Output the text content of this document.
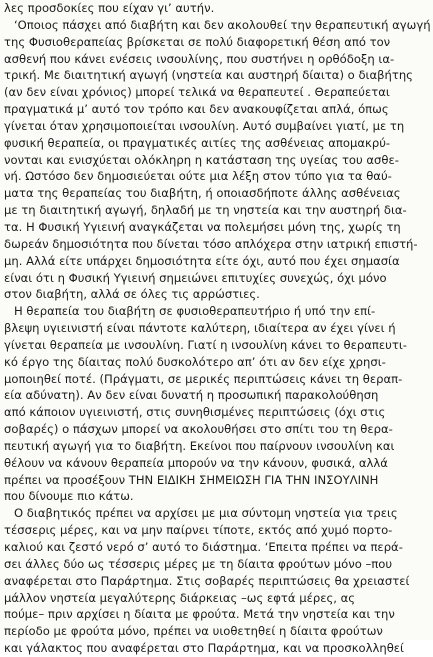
λες προσδοκίες που είχαν γι’ αυτήν.
‘Οποιος πάσχει από διαβήτη και δεν ακολουθεί την θεραπευτική αγωγή
της Φυσιοθεραπείας βρίσκεται σε πολύ διαφορετική θέση από τον
ασθενή που κάνει ενέσεις ινσουλίνης, που συστήνει η ορθόδοξη ια-
τρική. Με διαιτητική αγωγή (νηστεία και αυστηρή δίαιτα) ο διαβήτης
(αν δεν είναι χρόνιος) μπορεί τελικά να θεραπευτεί . Θεραπεύεται
πραγματικά μ’ αυτό τον τρόπο και δεν ανακουφίζεται απλά, όπως
γίνεται όταν χρησιμοποιείται ινσουλίνη. Αυτό συμβαίνει γιατί, με τη
φυσική θεραπεία, οι πραγματικές αιτίες της ασθένειας απομακρύ-
νονται και ενισχύεται ολόκληρη η κατάσταση της υγείας του ασθε-
νή. Ωστόσο δεν δημοσιεύεται ούτε μια λέξη στον τύπο για τα θαύ-
ματα της θεραπείας του διαβήτη, ή οποιασδήποτε άλλης ασθένειας
με τη διαιτητική αγωγή, δηλαδή με τη νηστεία και την αυστηρή δια-
τα. Η Φυσική Υγιεινή αναγκάζεται να πολεμήσει μόνη της, χωρίς τη
δωρεάν δημοσιότητα που δίνεται τόσο απλόχερα στην ιατρική επιστή-
μη. Αλλά είτε υπάρχει δημοσιότητα είτε όχι, αυτό που έχει σημασία
είναι ότι η Φυσική Υγιεινή σημειώνει επιτυχίες συνεχώς, όχι μόνο
στον διαβήτη, αλλά σε όλες τις αρρώστιες.
Η θεραπεία του διαβήτη σε φυσιοθεραπευτήριο ή υπό την επί-
βλεψη υγιεινιστή είναι πάντοτε καλύτερη, ιδιαίτερα αν έχει γίνει ή
γίνεται θεραπεία με ινσουλίνη. Γιατί η ινσουλίνη κάνει το θεραπευτι-
κό έργο της δίαιτας πολύ δυσκολότερο απ’ ότι αν δεν είχε χρησι-
μοποιηθεί ποτέ. (Πράγματι, σε μερικές περιπτώσεις κάνει τη θεραπ-
εία αδύνατη). Αν δεν είναι δυνατή η προσωπική παρακολούθηση
από κάποιον υγιεινιστή, στις συνηθισμένες περιπτώσεις (όχι στις
σοβαρές) ο πάσχων μπορεί να ακολουθήσει στο σπίτι του τη θερα-
πευτική αγωγή για το διαβήτη. Εκείνοι που παίρνουν ινσουλίνη και
θέλουν να κάνουν θεραπεία μπορούν να την κάνουν, φυσικά, αλλά
πρέπει να προσέξουν ΤΗΝ ΕΙΔΙΚΗ ΣΗΜΕΙΩΣΗ ΓΙΑ ΤΗΝ ΙΝΣΟΥΛΙΝΗ
που δίνουμε πιο κάτω.
Ο διαβητικός πρέπει να αρχίσει με μια σύντομη νηστεία για τρεις
τέσσερις μέρες, και να μην παίρνει τίποτε, εκτός από χυμό πορτο-
καλιού και ζεστό νερό σ’ αυτό το διάστημα. ‘Επειτα πρέπει να περά-
σει άλλες δύο ως τέσσερις μέρες με τη δίαιτα φρούτων μόνο –που
αναφέρεται στο Παράρτημα. Στις σοβαρές περιπτώσεις θα χρειαστεί
μάλλον νηστεία μεγαλύτερης διάρκειας –ως εφτά μέρες, ας
πούμε– πριν αρχίσει η δίαιτα με φρούτα. Μετά την νηστεία και την
περίοδο με φρούτα μόνο, πρέπει να υιοθετηθεί η δίαιτα φρούτων
και γάλακτος που αναφέρεται στο Παράρτημα, και να προσκολληθεί
